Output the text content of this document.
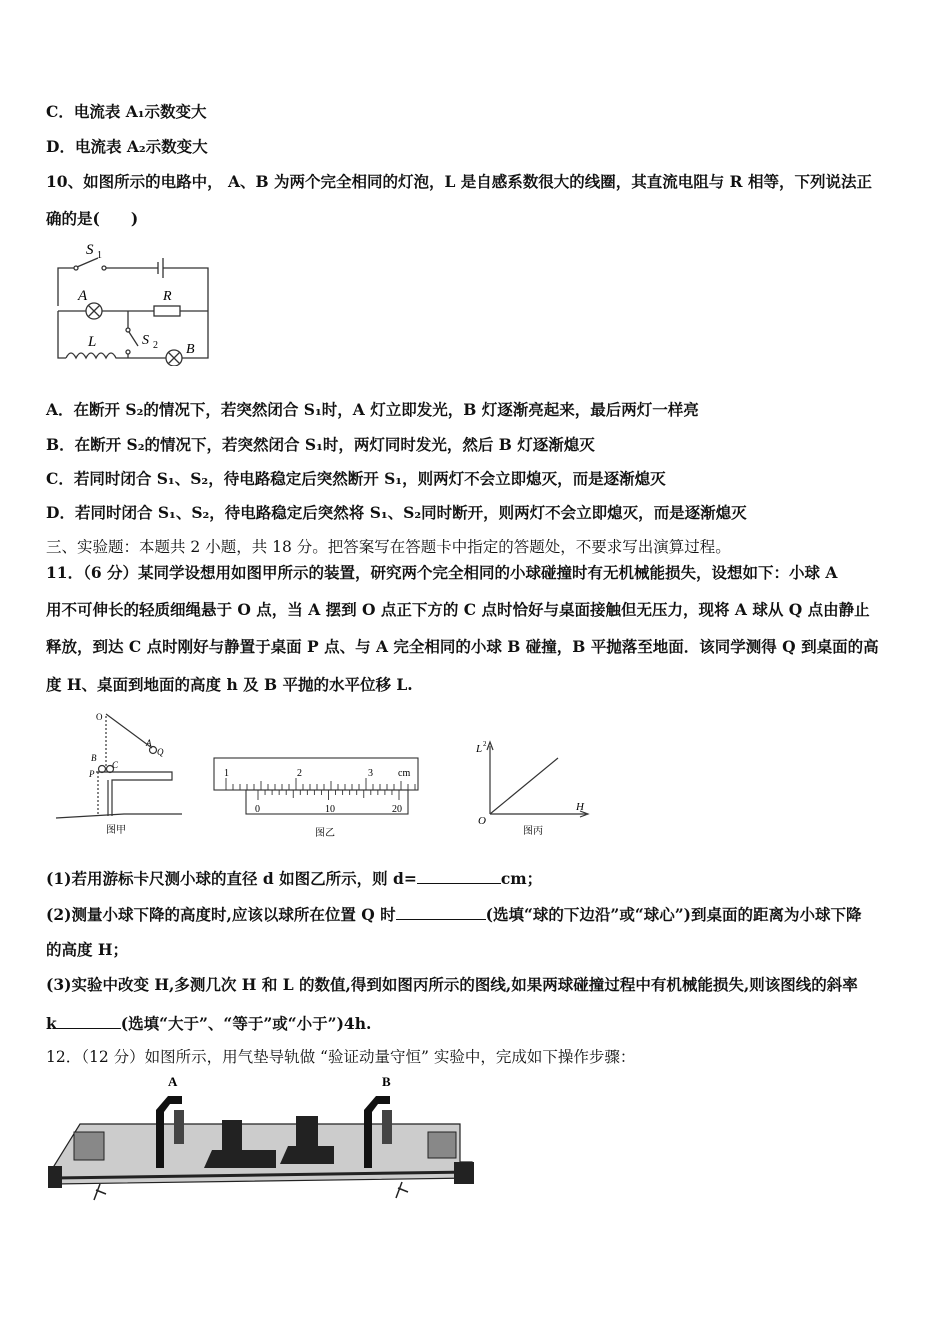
C．电流表 A₁示数变大
D．电流表 A₂示数变大
10、如图所示的电路中， A、B 为两个完全相同的灯泡，L 是自感系数很大的线圈，其直流电阻与 R 相等，下列说法正
确的是(　　)
S 1
A	R
L	S 2 B
A．在断开 S₂的情况下，若突然闭合 S₁时，A 灯立即发光，B 灯逐渐亮起来，最后两灯一样亮
B．在断开 S₂的情况下，若突然闭合 S₁时，两灯同时发光，然后 B 灯逐渐熄灭
C．若同时闭合 S₁、S₂，待电路稳定后突然断开 S₁，则两灯不会立即熄灭，而是逐渐熄灭
D．若同时闭合 S₁、S₂，待电路稳定后突然将 S₁、S₂同时断开，则两灯不会立即熄灭，而是逐渐熄灭
三、实验题：本题共 2 小题，共 18 分。把答案写在答题卡中指定的答题处，不要求写出演算过程。
11．（6 分）某同学设想用如图甲所示的装置，研究两个完全相同的小球碰撞时有无机械能损失，设想如下：小球 A
用不可伸长的轻质细绳悬于 O 点，当 A 摆到 O 点正下方的 C 点时恰好与桌面接触但无压力，现将 A 球从 Q 点由静止
释放，到达 C 点时刚好与静置于桌面 P 点、与 A 完全相同的小球 B 碰撞，B 平抛落至地面．该同学测得 Q 到桌面的高
度 H、桌面到地面的高度 h 及 B 平抛的水平位移 L.
O
A
Q
B
C
P
图甲
1	2	3	cm
0	10	20
图乙
L 2
H
O
图丙
(1)若用游标卡尺测小球的直径 d 如图乙所示，则 d=	cm；
(2)测量小球下降的高度时,应该以球所在位置 Q 时	(选填“球的下边沿”或“球心”)到桌面的距离为小球下降
的高度 H；
(3)实验中改变 H,多测几次 H 和 L 的数值,得到如图丙所示的图线,如果两球碰撞过程中有机械能损失,则该图线的斜率
k	(选填“大于”、“等于”或“小于”)4h.
12．（12 分）如图所示，用气垫导轨做 “验证动量守恒” 实验中，完成如下操作步骤：
A	B
